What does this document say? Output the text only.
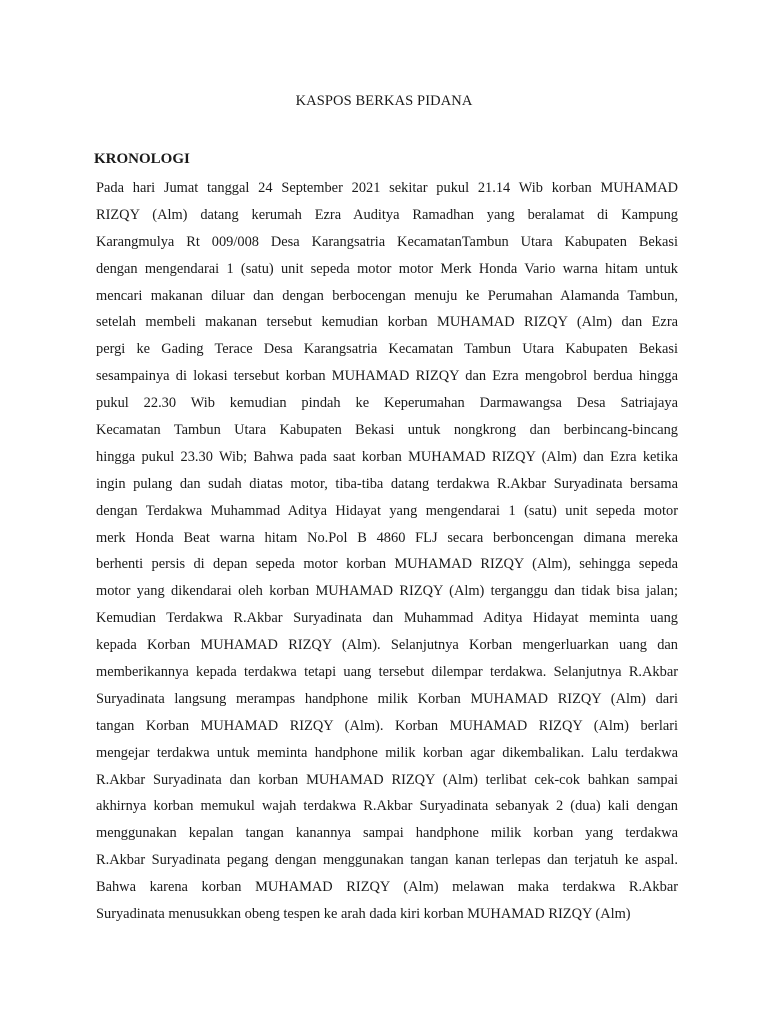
KASPOS BERKAS PIDANA
KRONOLOGI
Pada hari Jumat tanggal 24 September 2021 sekitar pukul 21.14 Wib korban MUHAMAD
RIZQY (Alm) datang kerumah Ezra Auditya Ramadhan yang beralamat di Kampung
Karangmulya Rt 009/008 Desa Karangsatria KecamatanTambun Utara Kabupaten Bekasi
dengan mengendarai 1 (satu) unit sepeda motor motor Merk Honda Vario warna hitam untuk
mencari makanan diluar dan dengan berbocengan menuju ke Perumahan Alamanda Tambun,
setelah membeli makanan tersebut kemudian korban MUHAMAD RIZQY (Alm) dan Ezra
pergi ke Gading Terace Desa Karangsatria Kecamatan Tambun Utara Kabupaten Bekasi
sesampainya di lokasi tersebut korban MUHAMAD RIZQY dan Ezra mengobrol berdua hingga
pukul 22.30 Wib kemudian pindah ke Keperumahan Darmawangsa Desa Satriajaya
Kecamatan Tambun Utara Kabupaten Bekasi untuk nongkrong dan berbincang-bincang
hingga pukul 23.30 Wib; Bahwa pada saat korban MUHAMAD RIZQY (Alm) dan Ezra ketika
ingin pulang dan sudah diatas motor, tiba-tiba datang terdakwa R.Akbar Suryadinata bersama
dengan Terdakwa Muhammad Aditya Hidayat yang mengendarai 1 (satu) unit sepeda motor
merk Honda Beat warna hitam No.Pol B 4860 FLJ secara berboncengan dimana mereka
berhenti persis di depan sepeda motor korban MUHAMAD RIZQY (Alm), sehingga sepeda
motor yang dikendarai oleh korban MUHAMAD RIZQY (Alm) terganggu dan tidak bisa jalan;
Kemudian Terdakwa R.Akbar Suryadinata dan Muhammad Aditya Hidayat meminta uang
kepada Korban MUHAMAD RIZQY (Alm). Selanjutnya Korban mengerluarkan uang dan
memberikannya kepada terdakwa tetapi uang tersebut dilempar terdakwa. Selanjutnya R.Akbar
Suryadinata langsung merampas handphone milik Korban MUHAMAD RIZQY (Alm) dari
tangan Korban MUHAMAD RIZQY (Alm). Korban MUHAMAD RIZQY (Alm) berlari
mengejar terdakwa untuk meminta handphone milik korban agar dikembalikan. Lalu terdakwa
R.Akbar Suryadinata dan korban MUHAMAD RIZQY (Alm) terlibat cek-cok bahkan sampai
akhirnya korban memukul wajah terdakwa R.Akbar Suryadinata sebanyak 2 (dua) kali dengan
menggunakan kepalan tangan kanannya sampai handphone milik korban yang terdakwa
R.Akbar Suryadinata pegang dengan menggunakan tangan kanan terlepas dan terjatuh ke aspal.
Bahwa karena korban MUHAMAD RIZQY (Alm) melawan maka terdakwa R.Akbar
Suryadinata menusukkan obeng tespen ke arah dada kiri korban MUHAMAD RIZQY (Alm)
